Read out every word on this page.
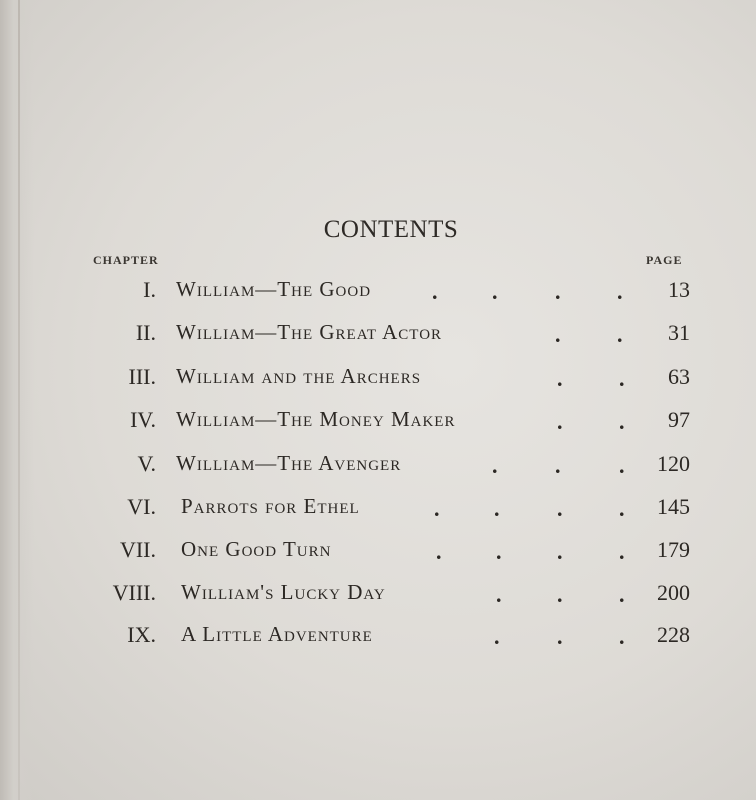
CONTENTS
CHAPTER	PAGE
I. William—The Good	. .	.	. 13
II. William—The Great Actor	.	. 31
III. William and the Archers	.	. 63
IV. William—The Money Maker	.	. 97
V. William—The Avenger	.	.	. 120
VI. Parrots for Ethel	. .	.	. 145
VII. One Good Turn	. .	.	. 179
VIII. William's Lucky Day	.	.	. 200
IX. A Little Adventure	.	.	. 228
